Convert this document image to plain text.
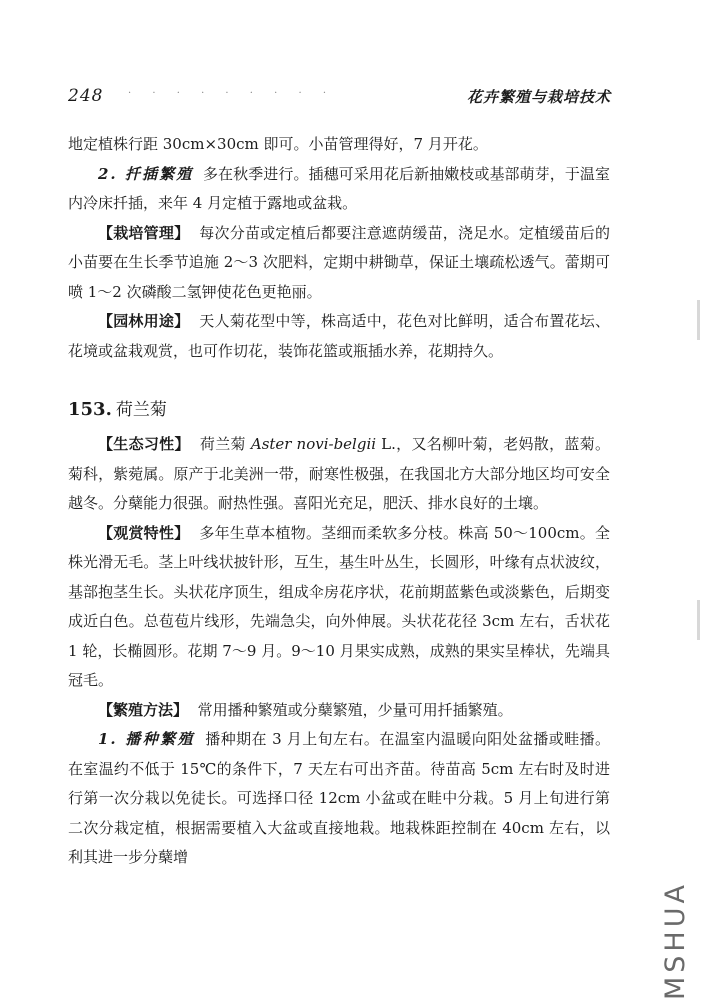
248 · · · · · · · · ·	花卉繁殖与栽培技术

地定植株行距 30cm×30cm 即可。小苗管理得好，7 月开花。

2. 扦插繁殖 多在秋季进行。插穗可采用花后新抽嫩枝或基部萌芽，于温室内冷床扦插，来年 4 月定植于露地或盆栽。

【栽培管理】 每次分苗或定植后都要注意遮荫缓苗，浇足水。定植缓苗后的小苗要在生长季节追施 2～3 次肥料，定期中耕锄草，保证土壤疏松透气。蕾期可喷 1～2 次磷酸二氢钾使花色更艳丽。

【园林用途】 天人菊花型中等，株高适中，花色对比鲜明，适合布置花坛、花境或盆栽观赏，也可作切花，装饰花篮或瓶插水养，花期持久。

153. 荷兰菊

【生态习性】 荷兰菊 Aster novi-belgii L.，又名柳叶菊，老妈散，蓝菊。菊科，紫菀属。原产于北美洲一带，耐寒性极强，在我国北方大部分地区均可安全越冬。分蘖能力很强。耐热性强。喜阳光充足，肥沃、排水良好的土壤。

【观赏特性】 多年生草本植物。茎细而柔软多分枝。株高 50～100cm。全株光滑无毛。茎上叶线状披针形，互生，基生叶丛生，长圆形，叶缘有点状波纹，基部抱茎生长。头状花序顶生，组成伞房花序状，花前期蓝紫色或淡紫色，后期变成近白色。总苞苞片线形，先端急尖，向外伸展。头状花花径 3cm 左右，舌状花 1 轮，长椭圆形。花期 7～9 月。9～10 月果实成熟，成熟的果实呈棒状，先端具冠毛。

【繁殖方法】 常用播种繁殖或分蘖繁殖，少量可用扦插繁殖。

1. 播种繁殖 播种期在 3 月上旬左右。在温室内温暖向阳处盆播或畦播。在室温约不低于 15℃的条件下，7 天左右可出齐苗。待苗高 5cm 左右时及时进行第一次分栽以免徒长。可选择口径 12cm 小盆或在畦中分栽。5 月上旬进行第二次分栽定植，根据需要植入大盆或直接地栽。地栽株距控制在 40cm 左右，以利其进一步分蘖增

MSHUA
